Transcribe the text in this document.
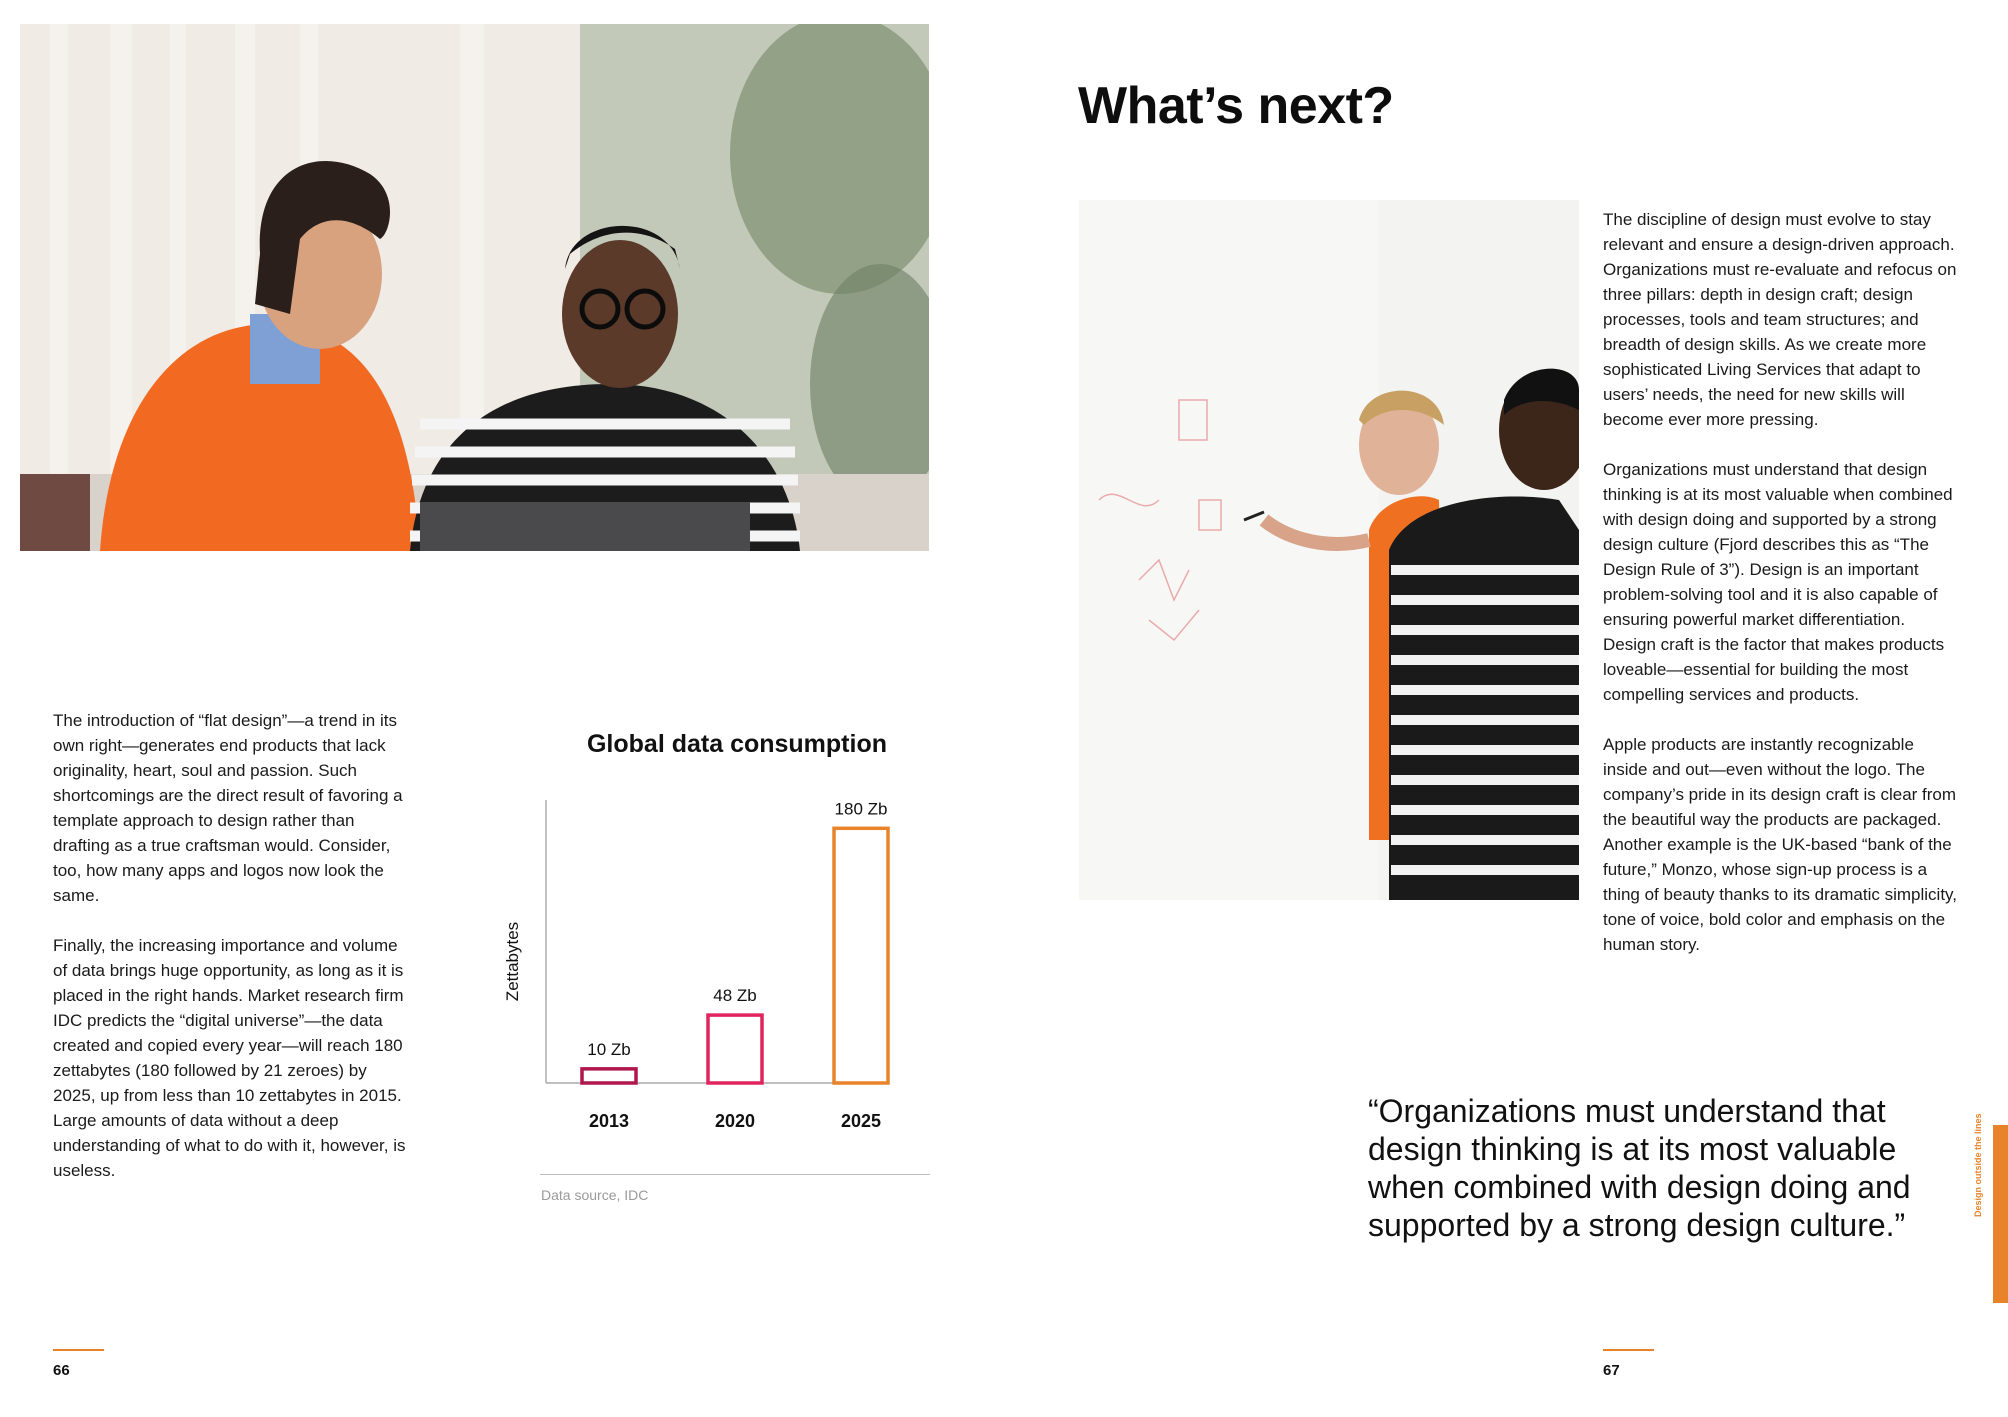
The introduction of “flat design”—a trend in its own right—generates end products that lack originality, heart, soul and passion. Such shortcomings are the direct result of favoring a template approach to design rather than drafting as a true craftsman would. Consider, too, how many apps and logos now look the same.

Finally, the increasing importance and volume of data brings huge opportunity, as long as it is placed in the right hands. Market research firm IDC predicts the “digital universe”—the data created and copied every year—will reach 180 zettabytes (180 followed by 21 zeroes) by 2025, up from less than 10 zettabytes in 2015. Large amounts of data without a deep understanding of what to do with it, however, is useless.

Global data consumption
Zettabytes
10 Zb
2013
48 Zb
2020
180 Zb
2025
Data source, IDC
66
What’s next?

The discipline of design must evolve to stay relevant and ensure a design-driven approach. Organizations must re-evaluate and refocus on three pillars: depth in design craft; design processes, tools and team structures; and breadth of design skills. As we create more sophisticated Living Services that adapt to users’ needs, the need for new skills will become ever more pressing.

Organizations must understand that design thinking is at its most valuable when combined with design doing and supported by a strong design culture (Fjord describes this as “The Design Rule of 3”). Design is an important problem-solving tool and it is also capable of ensuring powerful market differentiation. Design craft is the factor that makes products loveable—essential for building the most compelling services and products.

Apple products are instantly recognizable inside and out—even without the logo. The company’s pride in its design craft is clear from the beautiful way the products are packaged. Another example is the UK-based “bank of the future,” Monzo, whose sign-up process is a thing of beauty thanks to its dramatic simplicity, tone of voice, bold color and emphasis on the human story.

“Organizations must understand that design thinking is at its most valuable when combined with design doing and supported by a strong design culture.”

67
Design outside the lines
